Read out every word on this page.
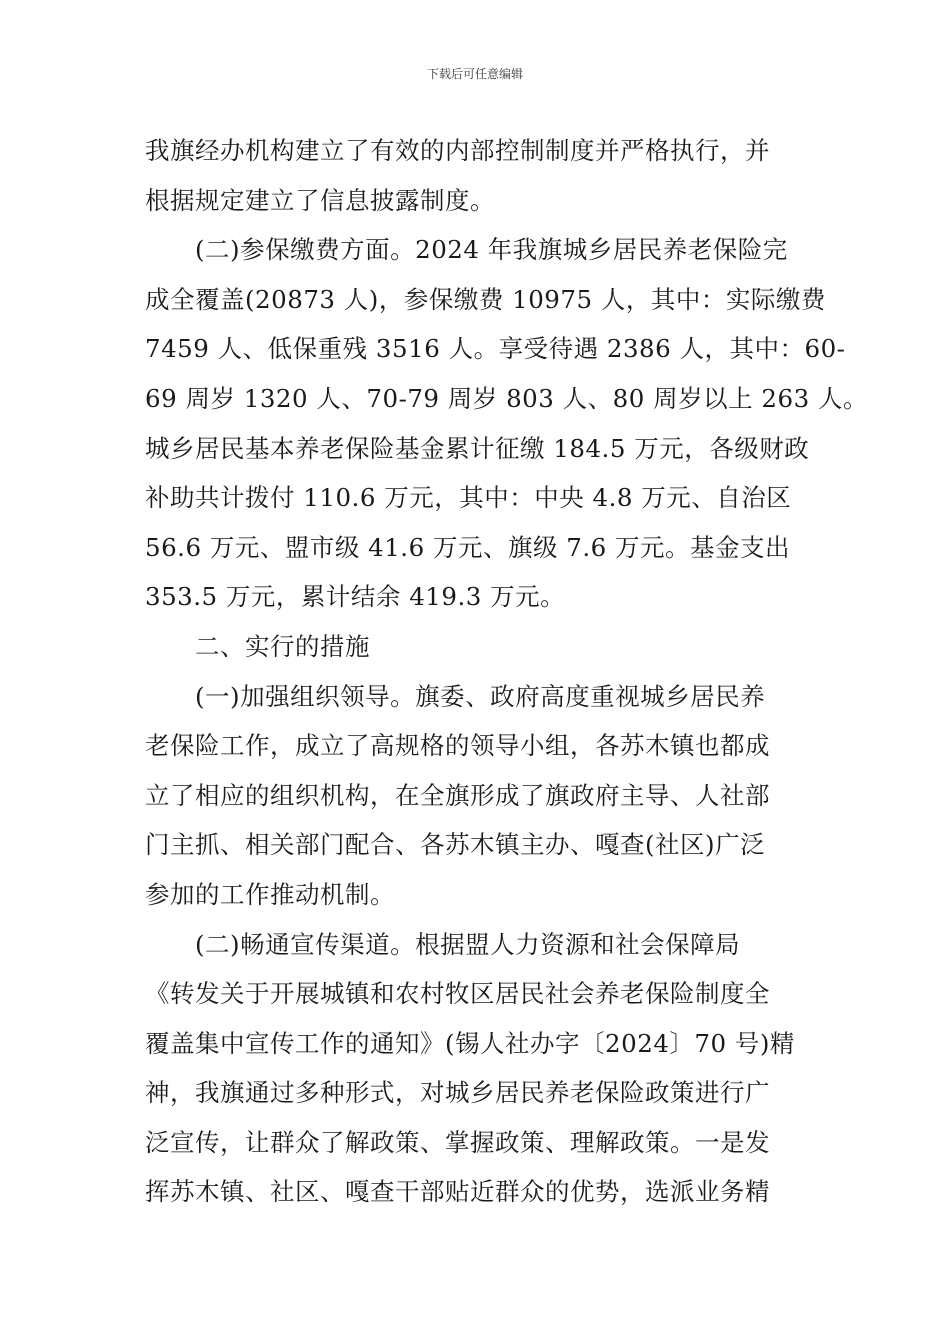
下载后可任意编辑
我旗经办机构建立了有效的内部控制制度并严格执行，并
根据规定建立了信息披露制度。
(二)参保缴费方面。2024 年我旗城乡居民养老保险完
成全覆盖(20873 人)，参保缴费 10975 人，其中：实际缴费
7459 人、低保重残 3516 人。享受待遇 2386 人，其中：60-
69 周岁 1320 人、70-79 周岁 803 人、80 周岁以上 263 人。
城乡居民基本养老保险基金累计征缴 184.5 万元，各级财政
补助共计拨付 110.6 万元，其中：中央 4.8 万元、自治区
56.6 万元、盟市级 41.6 万元、旗级 7.6 万元。基金支出
353.5 万元，累计结余 419.3 万元。
二、实行的措施
(一)加强组织领导。旗委、政府高度重视城乡居民养
老保险工作，成立了高规格的领导小组，各苏木镇也都成
立了相应的组织机构，在全旗形成了旗政府主导、人社部
门主抓、相关部门配合、各苏木镇主办、嘎查(社区)广泛
参加的工作推动机制。
(二)畅通宣传渠道。根据盟人力资源和社会保障局
《转发关于开展城镇和农村牧区居民社会养老保险制度全
覆盖集中宣传工作的通知》(锡人社办字〔2024〕70 号)精
神，我旗通过多种形式，对城乡居民养老保险政策进行广
泛宣传，让群众了解政策、掌握政策、理解政策。一是发
挥苏木镇、社区、嘎查干部贴近群众的优势，选派业务精
